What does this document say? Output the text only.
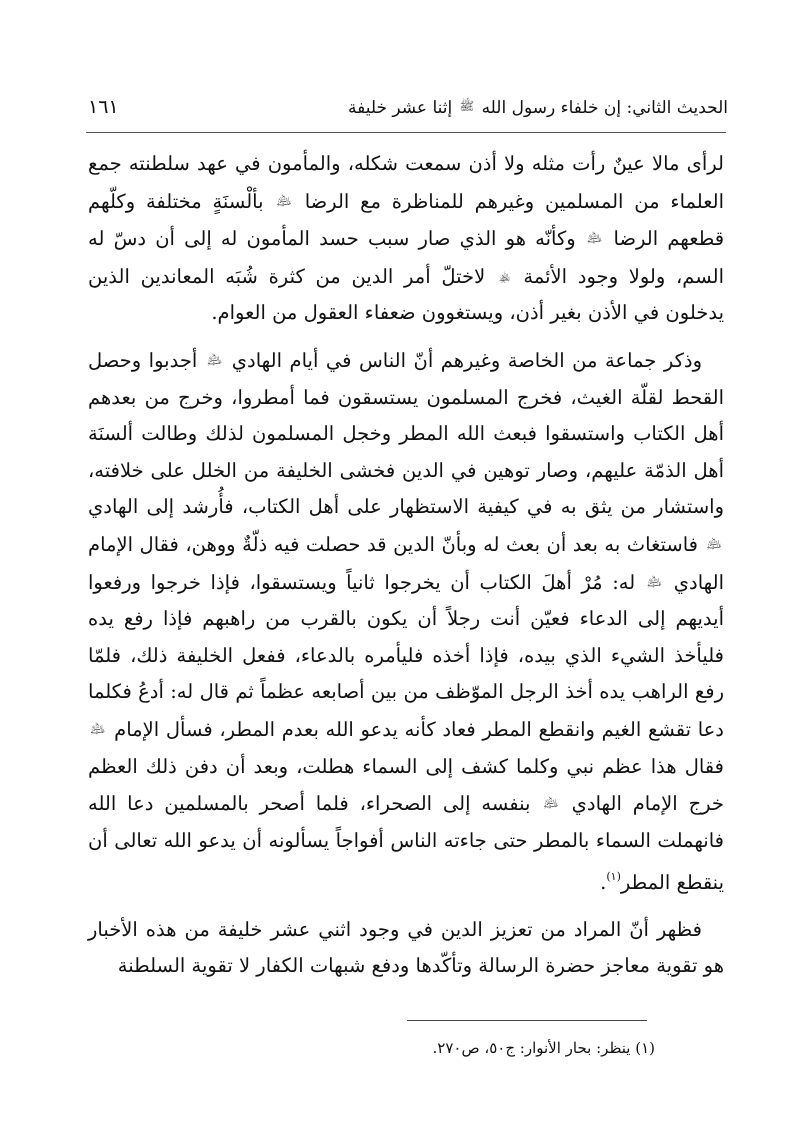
الحديث الثاني: إن خلفاء رسول الله ﷺ إثنا عشر خليفة
١٦١

لرأى مالا عينٌ رأت مثله ولا أذن سمعت شكله، والمأمون في عهد سلطنته جمع العلماء من المسلمين وغيرهم للمناظرة مع الرضا ﵇ بألْسنَةٍ مختلفة وكلّهم قطعهم الرضا ﵇ وكأنّه هو الذي صار سبب حسد المأمون له إلى أن دسّ له السم، ولولا وجود الأئمة ﵏ لاختلّ أمر الدين من كثرة شُبَه المعاندين الذين يدخلون في الأذن بغير أذن، ويستغوون ضعفاء العقول من العوام.

وذكر جماعة من الخاصة وغيرهم أنّ الناس في أيام الهادي ﵇ أجدبوا وحصل القحط لقلّة الغيث، فخرج المسلمون يستسقون فما أمطروا، وخرج من بعدهم أهل الكتاب واستسقوا فبعث الله المطر وخجل المسلمون لذلك وطالت ألسنَة أهل الذمّة عليهم، وصار توهين في الدين فخشى الخليفة من الخلل على خلافته، واستشار من يثق به في كيفية الاستظهار على أهل الكتاب، فأُرشد إلى الهادي ﵇ فاستغاث به بعد أن بعث له وبأنّ الدين قد حصلت فيه ذلّةٌ ووهن، فقال الإمام الهادي ﵇ له: مُرْ أهلَ الكتاب أن يخرجوا ثانياً ويستسقوا، فإذا خرجوا ورفعوا أيديهم إلى الدعاء فعيّن أنت رجلاً أن يكون بالقرب من راهبهم فإذا رفع يده فليأخذ الشيء الذي بيده، فإذا أخذه فليأمره بالدعاء، ففعل الخليفة ذلك، فلمّا رفع الراهب يده أخذ الرجل الموّظف من بين أصابعه عظماً ثم قال له: أدعُ فكلما دعا تقشع الغيم وانقطع المطر فعاد كأنه يدعو الله بعدم المطر، فسأل الإمام ﵇ فقال هذا عظم نبي وكلما كشف إلى السماء هطلت، وبعد أن دفن ذلك العظم خرج الإمام الهادي ﵇ بنفسه إلى الصحراء، فلما أصحر بالمسلمين دعا الله فانهملت السماء بالمطر حتى جاءته الناس أفواجاً يسألونه أن يدعو الله تعالى أن ينقطع المطر$^{(١)}$.

فظهر أنّ المراد من تعزيز الدين في وجود اثني عشر خليفة من هذه الأخبار هو تقوية معاجز حضرة الرسالة وتأكّدها ودفع شبهات الكفار لا تقوية السلطنة

(١) ينظر: بحار الأنوار: ج٥٠، ص٢٧٠.
